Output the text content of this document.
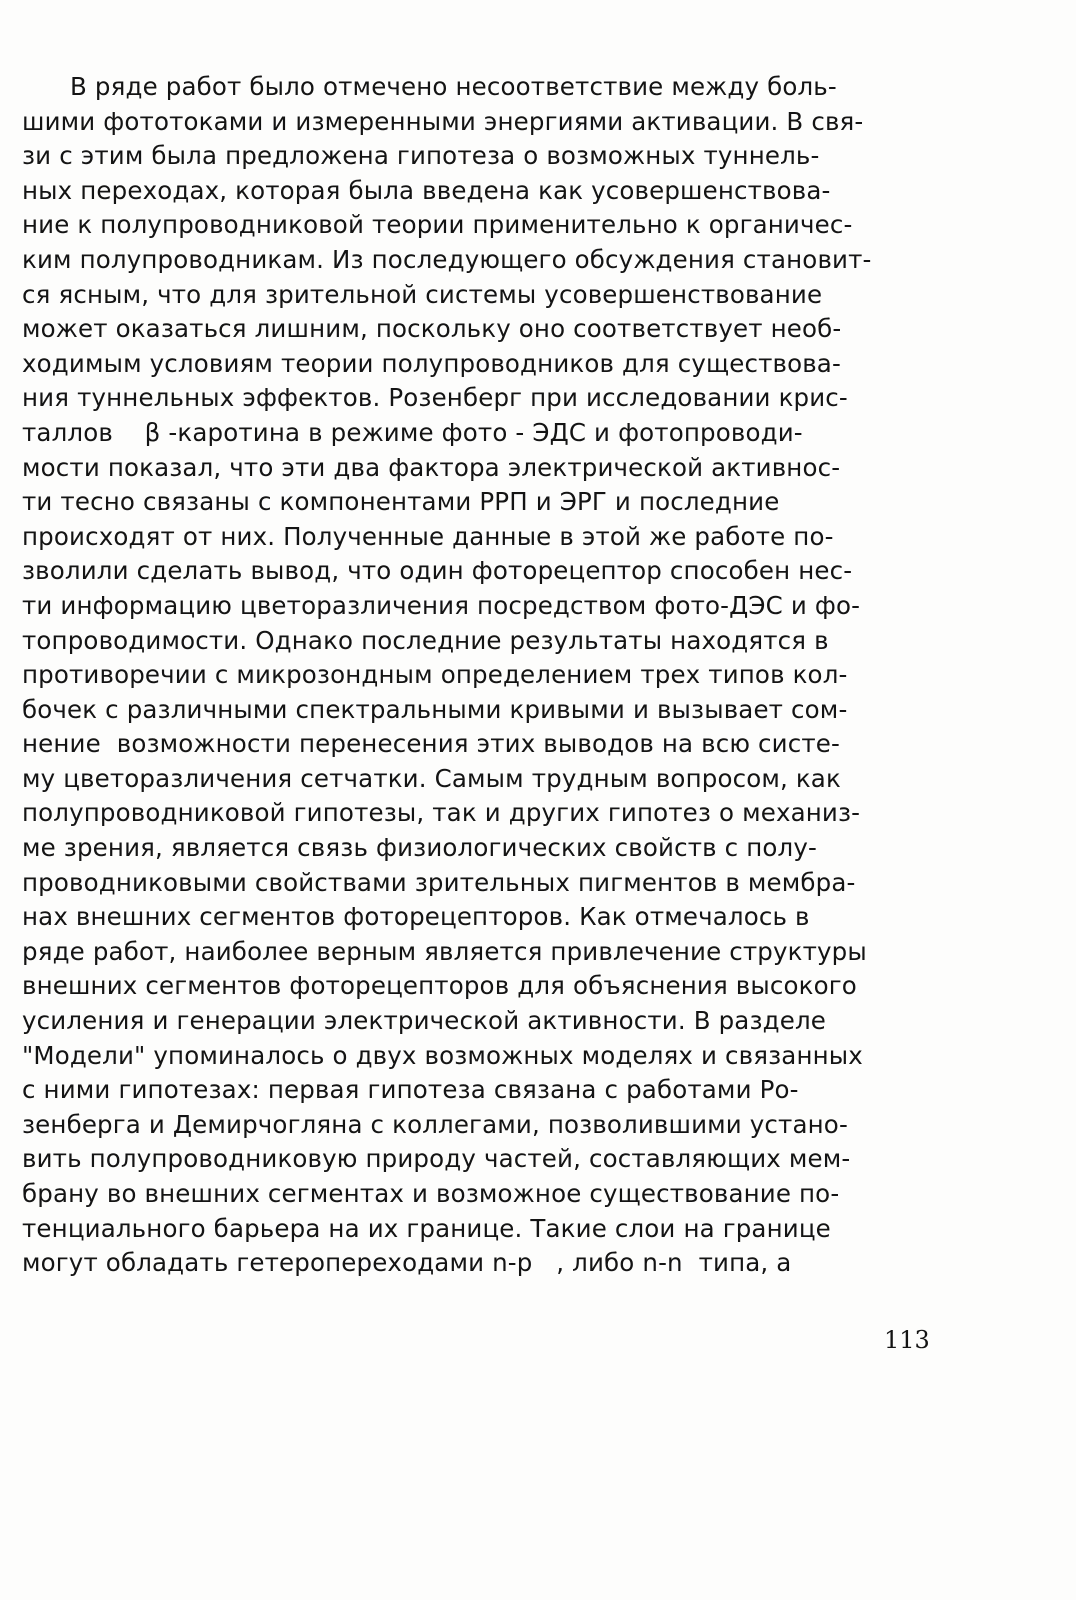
В ряде работ было отмечено несоответствие между боль-
шими фототоками и измеренными энергиями активации. В свя-
зи с этим была предложена гипотеза о возможных туннель-
ных переходах, которая была введена как усовершенствова-
ние к полупроводниковой теории применительно к органичес-
ким полупроводникам. Из последующего обсуждения становит-
ся ясным, что для зрительной системы усовершенствование
может оказаться лишним, поскольку оно соответствует необ-
ходимым условиям теории полупроводников для существова-
ния туннельных эффектов. Розенберг при исследовании крис-
таллов    β -каротина в режиме фото - ЭДС и фотопроводи-
мости показал, что эти два фактора электрической активнос-
ти тесно связаны с компонентами РРП и ЭРГ и последние
происходят от них. Полученные данные в этой же работе по-
зволили сделать вывод, что один фоторецептор способен нес-
ти информацию цветоразличения посредством фото-ДЭС и фо-
топроводимости. Однако последние результаты находятся в
противоречии с микрозондным определением трех типов кол-
бочек с различными спектральными кривыми и вызывает сом-
нение  возможности перенесения этих выводов на всю систе-
му цветоразличения сетчатки. Самым трудным вопросом, как
полупроводниковой гипотезы, так и других гипотез о механиз-
ме зрения, является связь физиологических свойств с полу-
проводниковыми свойствами зрительных пигментов в мембра-
нах внешних сегментов фоторецепторов. Как отмечалось в
ряде работ, наиболее верным является привлечение структуры
внешних сегментов фоторецепторов для объяснения высокого
усиления и генерации электрической активности. В разделе
"Модели" упоминалось о двух возможных моделях и связанных
с ними гипотезах: первая гипотеза связана с работами Ро-
зенберга и Демирчогляна с коллегами, позволившими устано-
вить полупроводниковую природу частей, составляющих мем-
брану во внешних сегментах и возможное существование по-
тенциального барьера на их границе. Такие слои на границе
могут обладать гетеропереходами n-p   , либо n-n  типа, а
113
